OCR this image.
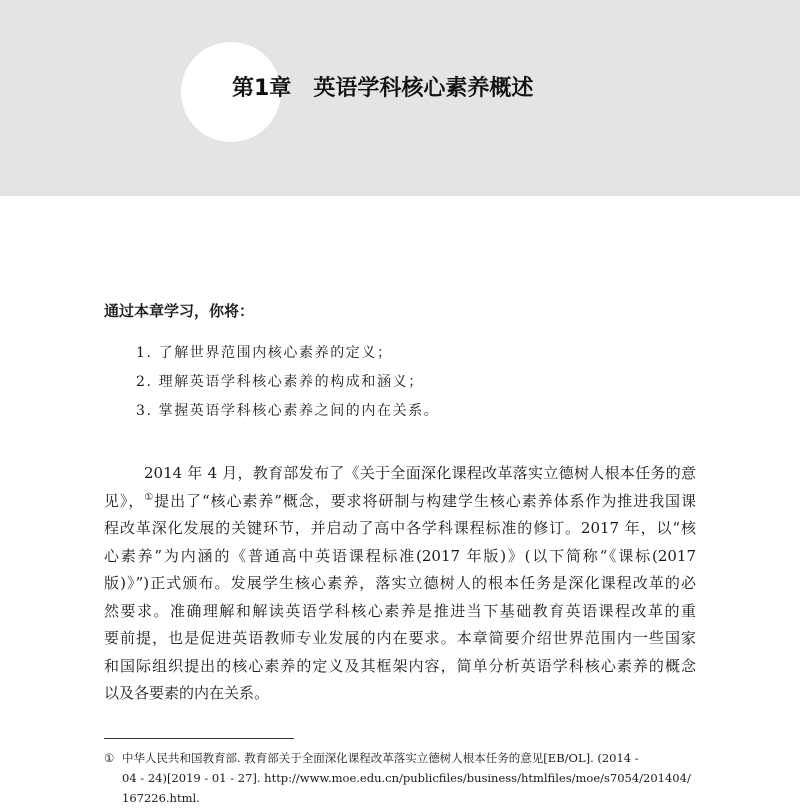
第1章 英语学科核心素养概述
通过本章学习，你将：
1. 了解世界范围内核心素养的定义；
2. 理解英语学科核心素养的构成和涵义；
3. 掌握英语学科核心素养之间的内在关系。
2014 年 4 月，教育部发布了《关于全面深化课程改革落实立德树人根本任务的意
见》，①提出了“核心素养”概念，要求将研制与构建学生核心素养体系作为推进我国课
程改革深化发展的关键环节，并启动了高中各学科课程标准的修订。2017 年，以“核
心素养”为内涵的《普通高中英语课程标准(2017 年版)》(以下简称“《课标(2017
版)》”)正式颁布。发展学生核心素养，落实立德树人的根本任务是深化课程改革的必
然要求。准确理解和解读英语学科核心素养是推进当下基础教育英语课程改革的重
要前提，也是促进英语教师专业发展的内在要求。本章简要介绍世界范围内一些国家
和国际组织提出的核心素养的定义及其框架内容，简单分析英语学科核心素养的概念
以及各要素的内在关系。
① 中华人民共和国教育部. 教育部关于全面深化课程改革落实立德树人根本任务的意见[EB/OL]. (2014 -
04 - 24)[2019 - 01 - 27]. http://www.moe.edu.cn/publicfiles/business/htmlfiles/moe/s7054/201404/
167226.html.
